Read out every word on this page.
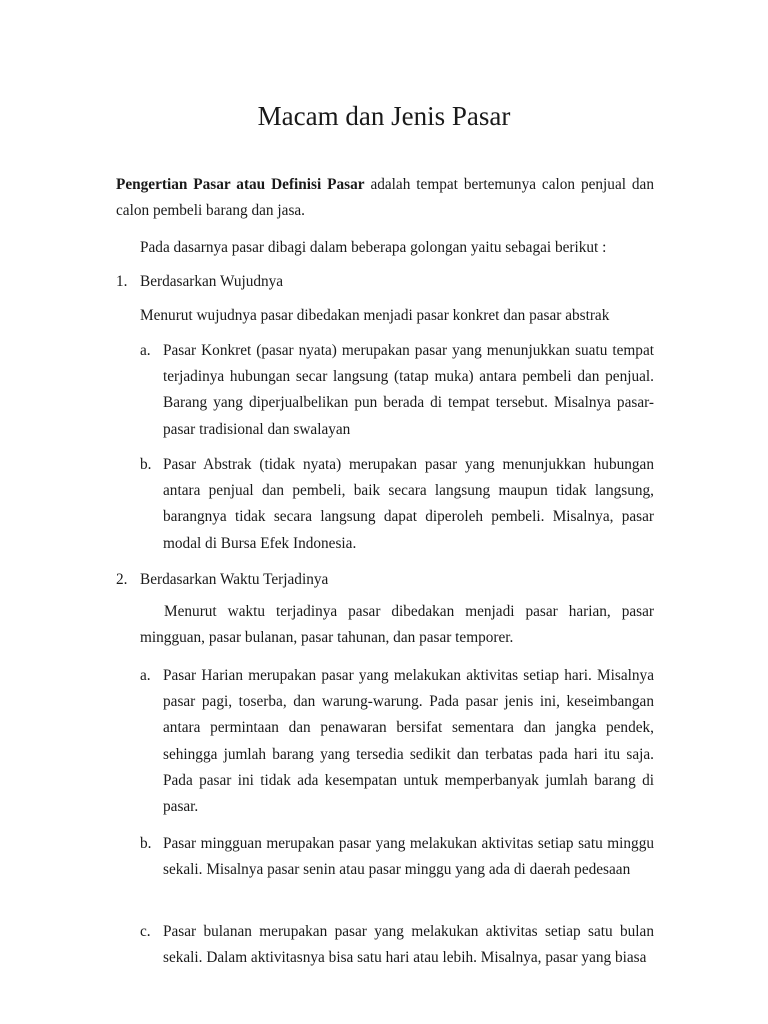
Macam dan Jenis Pasar

Pengertian Pasar atau Definisi Pasar adalah tempat bertemunya calon penjual dan calon pembeli barang dan jasa.

Pada dasarnya pasar dibagi dalam beberapa golongan yaitu sebagai berikut :

1. Berdasarkan Wujudnya

Menurut wujudnya pasar dibedakan menjadi pasar konkret dan pasar abstrak

a. Pasar Konkret (pasar nyata) merupakan pasar yang menunjukkan suatu tempat terjadinya hubungan secar langsung (tatap muka) antara pembeli dan penjual. Barang yang diperjualbelikan pun berada di tempat tersebut. Misalnya pasar-pasar tradisional dan swalayan

b. Pasar Abstrak (tidak nyata) merupakan pasar yang menunjukkan hubungan antara penjual dan pembeli, baik secara langsung maupun tidak langsung, barangnya tidak secara langsung dapat diperoleh pembeli. Misalnya, pasar modal di Bursa Efek Indonesia.

2. Berdasarkan Waktu Terjadinya

Menurut waktu terjadinya pasar dibedakan menjadi pasar harian, pasar mingguan, pasar bulanan, pasar tahunan, dan pasar temporer.

a. Pasar Harian merupakan pasar yang melakukan aktivitas setiap hari. Misalnya pasar pagi, toserba, dan warung-warung. Pada pasar jenis ini, keseimbangan antara permintaan dan penawaran bersifat sementara dan jangka pendek, sehingga jumlah barang yang tersedia sedikit dan terbatas pada hari itu saja. Pada pasar ini tidak ada kesempatan untuk memperbanyak jumlah barang di pasar.

b. Pasar mingguan merupakan pasar yang melakukan aktivitas setiap satu minggu sekali. Misalnya pasar senin atau pasar minggu yang ada di daerah pedesaan

c. Pasar bulanan merupakan pasar yang melakukan aktivitas setiap satu bulan sekali. Dalam aktivitasnya bisa satu hari atau lebih. Misalnya, pasar yang biasa
